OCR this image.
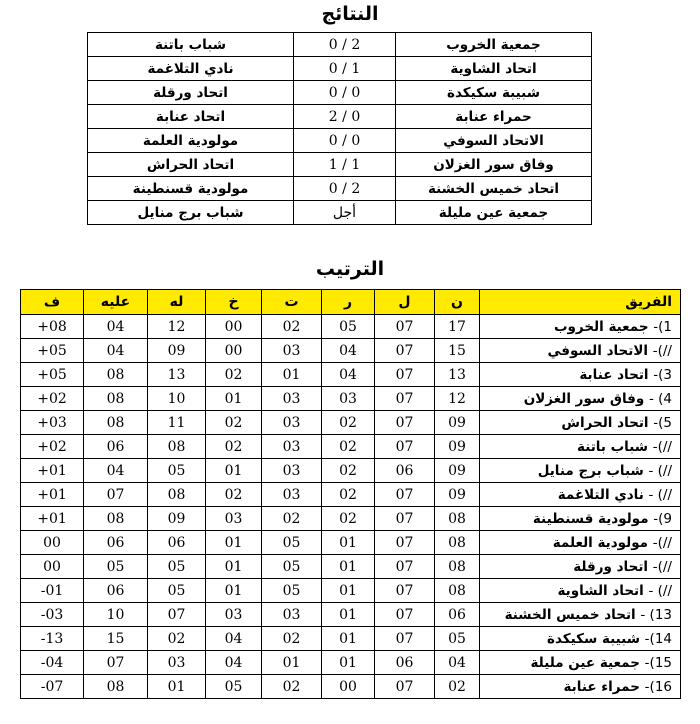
النتائج
جمعية الخروب	2 / 0	شباب باتنة
اتحاد الشاوية	1 / 0	نادي التلاغمة
شبيبة سكيكدة	0 / 0	اتحاد ورقلة
حمراء عنابة	0 / 2	اتحاد عنابة
الاتحاد السوفي	0 / 0	مولودية العلمة
وفاق سور الغزلان	1 / 1	اتحاد الحراش
اتحاد خميس الخشنة	2 / 0	مولودية قسنطينة
جمعية عين مليلة	أجل	شباب برج منايل
الترتيب
ف	عليه	له	خ	ت	ر	ل	ن	الفريق
+08	04	12	00	02	05	07	17	1)- جمعية الخروب
+05	04	09	00	03	04	07	15	//)- الاتحاد السوفي
+05	08	13	02	01	04	07	13	3)- اتحاد عنابة
+02	08	10	01	03	03	07	12	4) - وفاق سور الغزلان
+03	08	11	02	03	02	07	09	5)- اتحاد الحراش
+02	06	08	02	03	02	07	09	//)- شباب باتنة
+01	04	05	01	03	02	06	09	//) - شباب برج منايل
+01	07	08	02	03	02	07	09	//) - نادي التلاغمة
+01	08	09	03	02	02	07	08	9)- مولودية قسنطينة
00	06	06	01	05	01	07	08	//)- مولودية العلمة
00	05	05	01	05	01	07	08	//)- اتحاد ورقلة
-01	06	05	01	05	01	07	08	//) - اتحاد الشاوية
-03	10	07	03	03	01	07	06	13) - اتحاد خميس الخشنة
-13	15	02	04	02	01	07	05	14)- شبيبة سكيكدة
-04	07	03	04	01	01	06	04	15)- جمعية عين مليلة
-07	08	01	05	02	00	07	02	16)- حمراء عنابة
